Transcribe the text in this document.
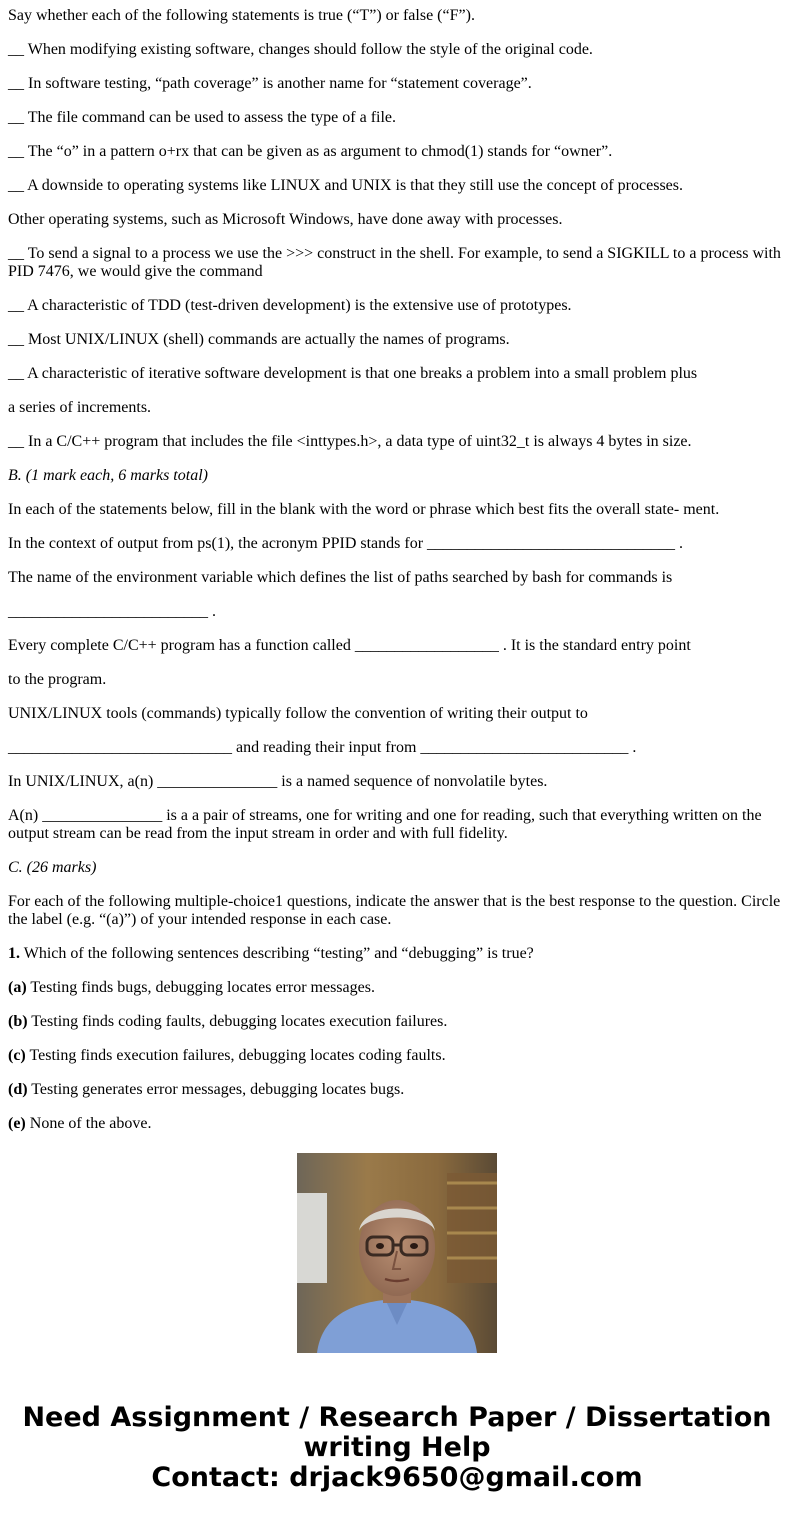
Say whether each of the following statements is true (“T”) or false (“F”).

__ When modifying existing software, changes should follow the style of the original code.

__ In software testing, “path coverage” is another name for “statement coverage”.

__ The file command can be used to assess the type of a file.

__ The “o” in a pattern o+rx that can be given as as argument to chmod(1) stands for “owner”.

__ A downside to operating systems like LINUX and UNIX is that they still use the concept of processes.

Other operating systems, such as Microsoft Windows, have done away with processes.

__ To send a signal to a process we use the >>> construct in the shell. For example, to send a SIGKILL to a process with PID 7476, we would give the command

__ A characteristic of TDD (test-driven development) is the extensive use of prototypes.

__ Most UNIX/LINUX (shell) commands are actually the names of programs.

__ A characteristic of iterative software development is that one breaks a problem into a small problem plus

a series of increments.

__ In a C/C++ program that includes the file <inttypes.h>, a data type of uint32_t is always 4 bytes in size.

B. (1 mark each, 6 marks total)

In each of the statements below, fill in the blank with the word or phrase which best fits the overall state- ment.

In the context of output from ps(1), the acronym PPID stands for _______________________________ .

The name of the environment variable which defines the list of paths searched by bash for commands is

_________________________ .

Every complete C/C++ program has a function called __________________ . It is the standard entry point

to the program.

UNIX/LINUX tools (commands) typically follow the convention of writing their output to

____________________________ and reading their input from __________________________ .

In UNIX/LINUX, a(n) _______________ is a named sequence of nonvolatile bytes.

A(n) _______________ is a a pair of streams, one for writing and one for reading, such that everything written on the output stream can be read from the input stream in order and with full fidelity.

C. (26 marks)

For each of the following multiple-choice1 questions, indicate the answer that is the best response to the question. Circle the label (e.g. “(a)”) of your intended response in each case.

1. Which of the following sentences describing “testing” and “debugging” is true?

(a) Testing finds bugs, debugging locates error messages.

(b) Testing finds coding faults, debugging locates execution failures.

(c) Testing finds execution failures, debugging locates coding faults.

(d) Testing generates error messages, debugging locates bugs.

(e) None of the above.

Need Assignment / Research Paper / Dissertation
writing Help
Contact: drjack9650@gmail.com
